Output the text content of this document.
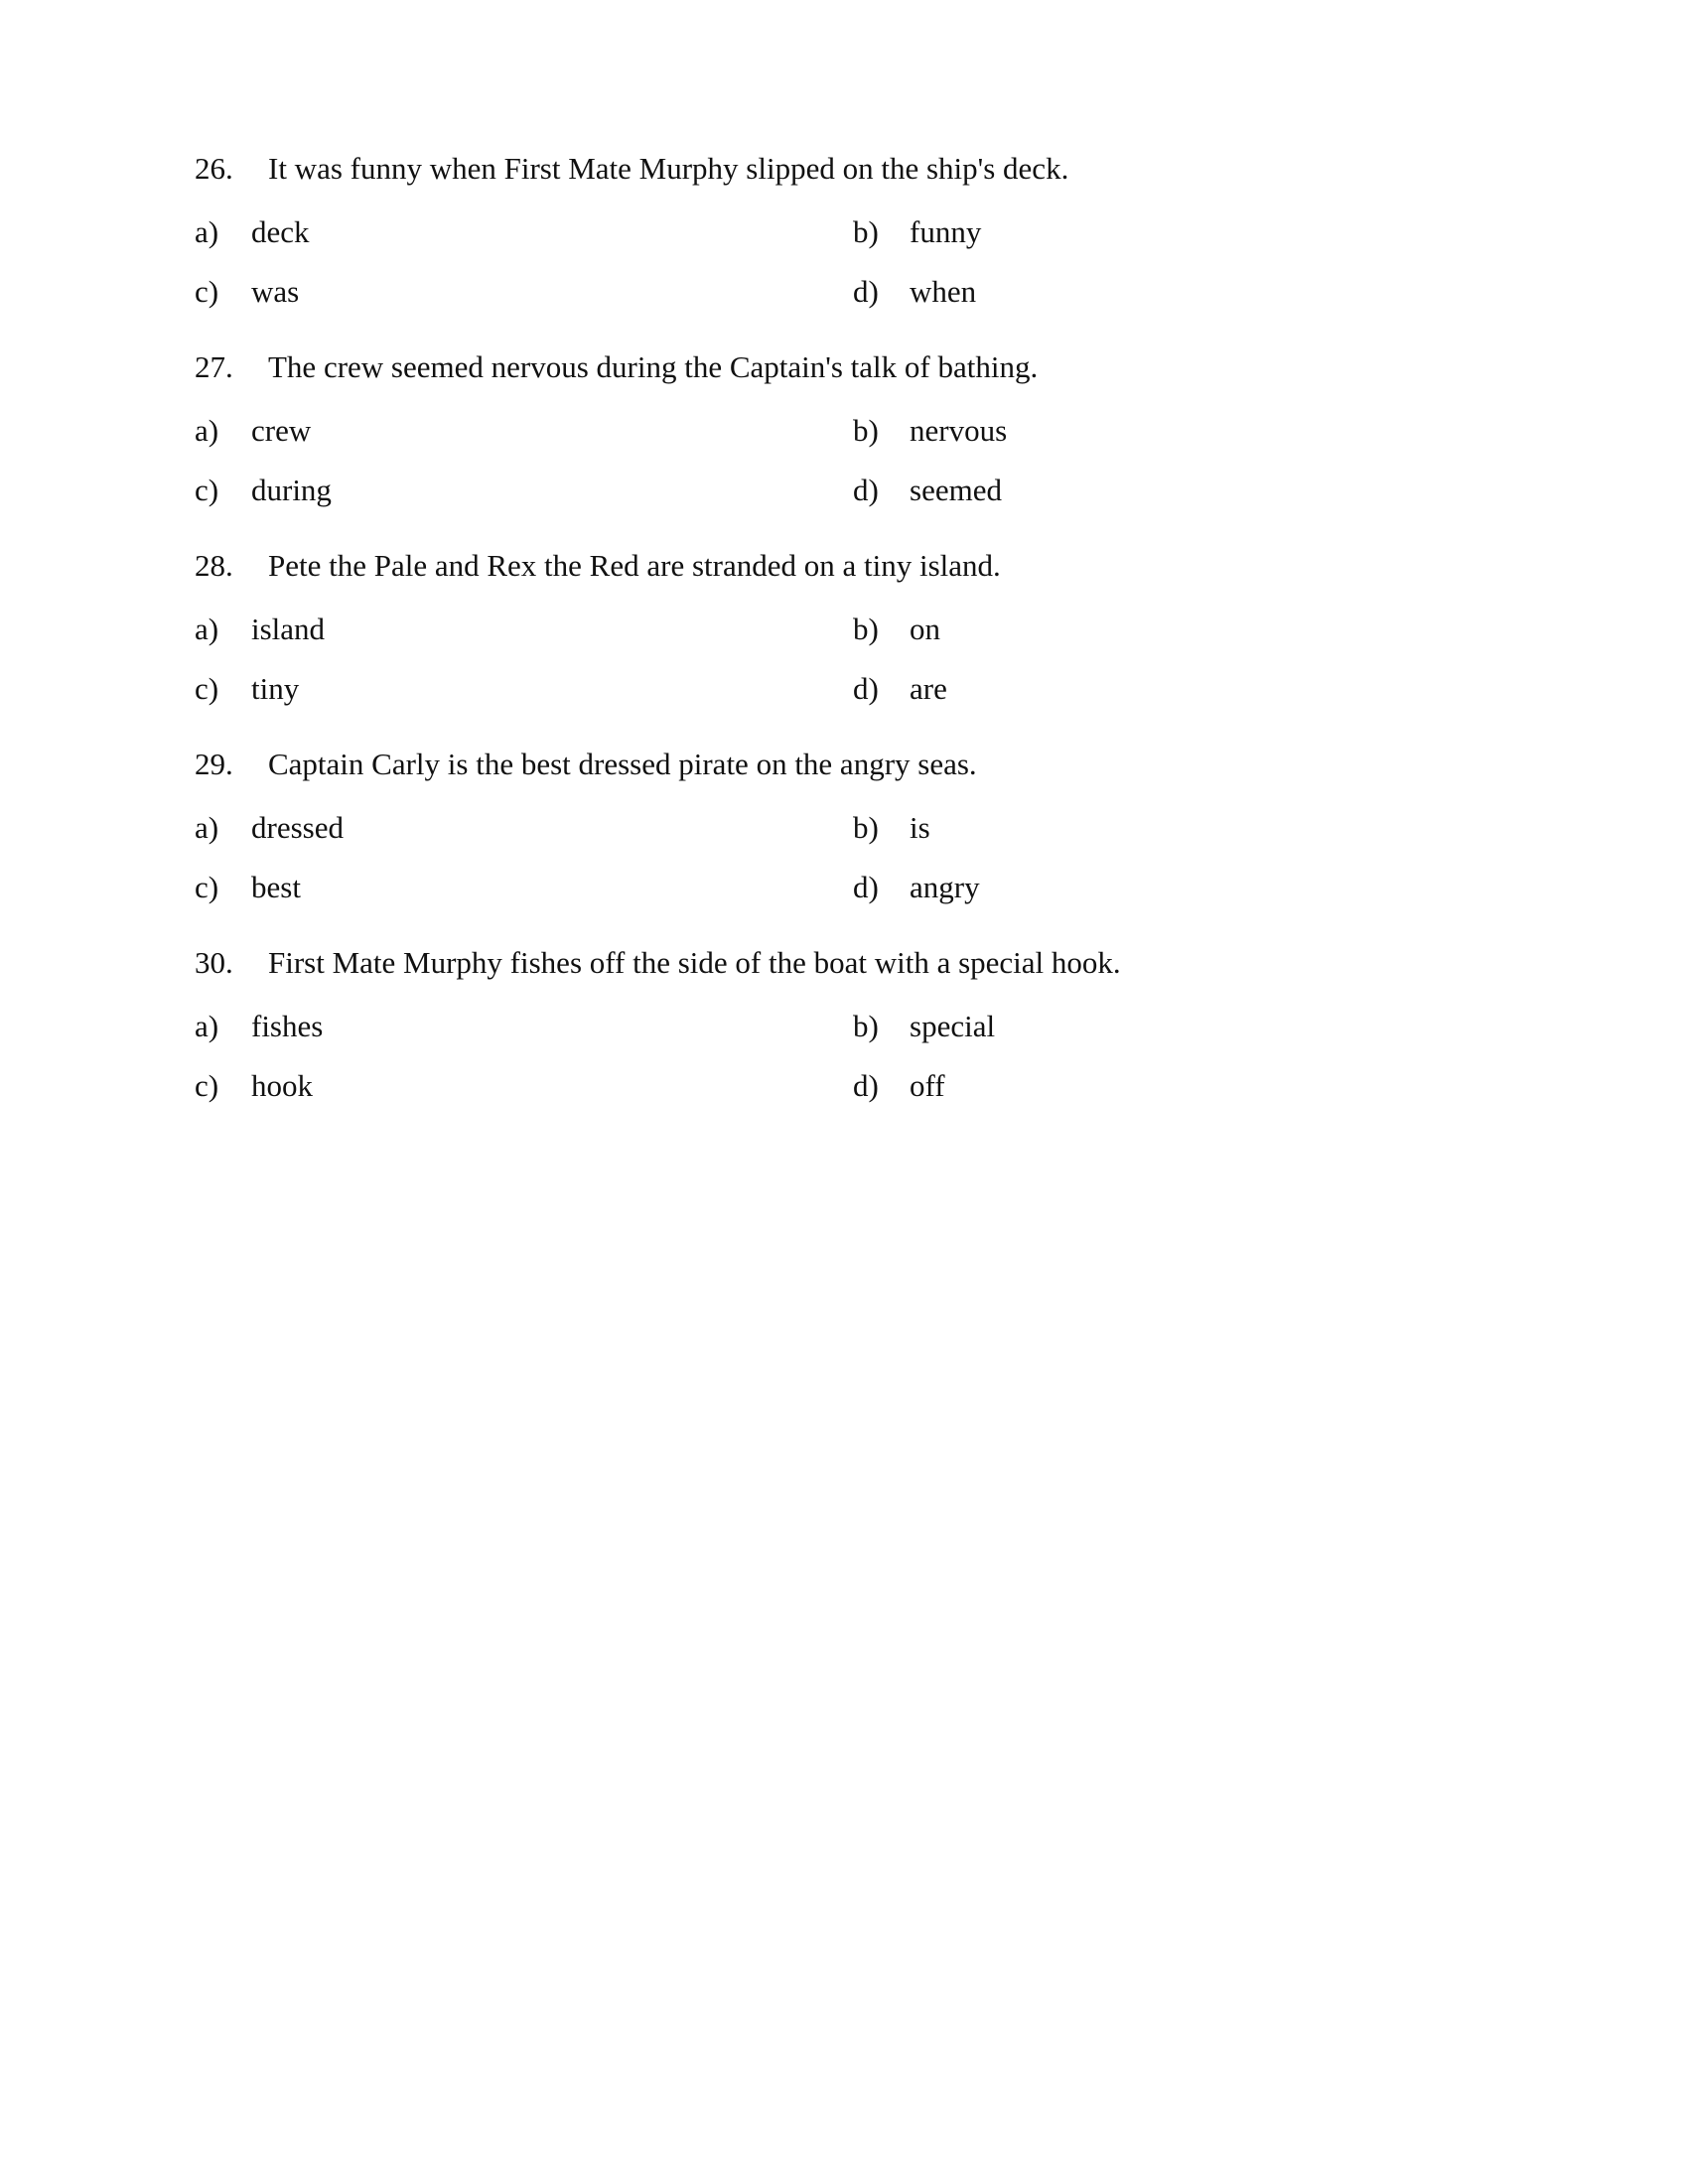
26. It was funny when First Mate Murphy slipped on the ship's deck.
a) deck	b) funny
c) was	d) when
27. The crew seemed nervous during the Captain's talk of bathing.
a) crew	b) nervous
c) during	d) seemed
28. Pete the Pale and Rex the Red are stranded on a tiny island.
a) island	b) on
c) tiny	d) are
29. Captain Carly is the best dressed pirate on the angry seas.
a) dressed	b) is
c) best	d) angry
30. First Mate Murphy fishes off the side of the boat with a special hook.
a) fishes	b) special
c) hook	d) off
